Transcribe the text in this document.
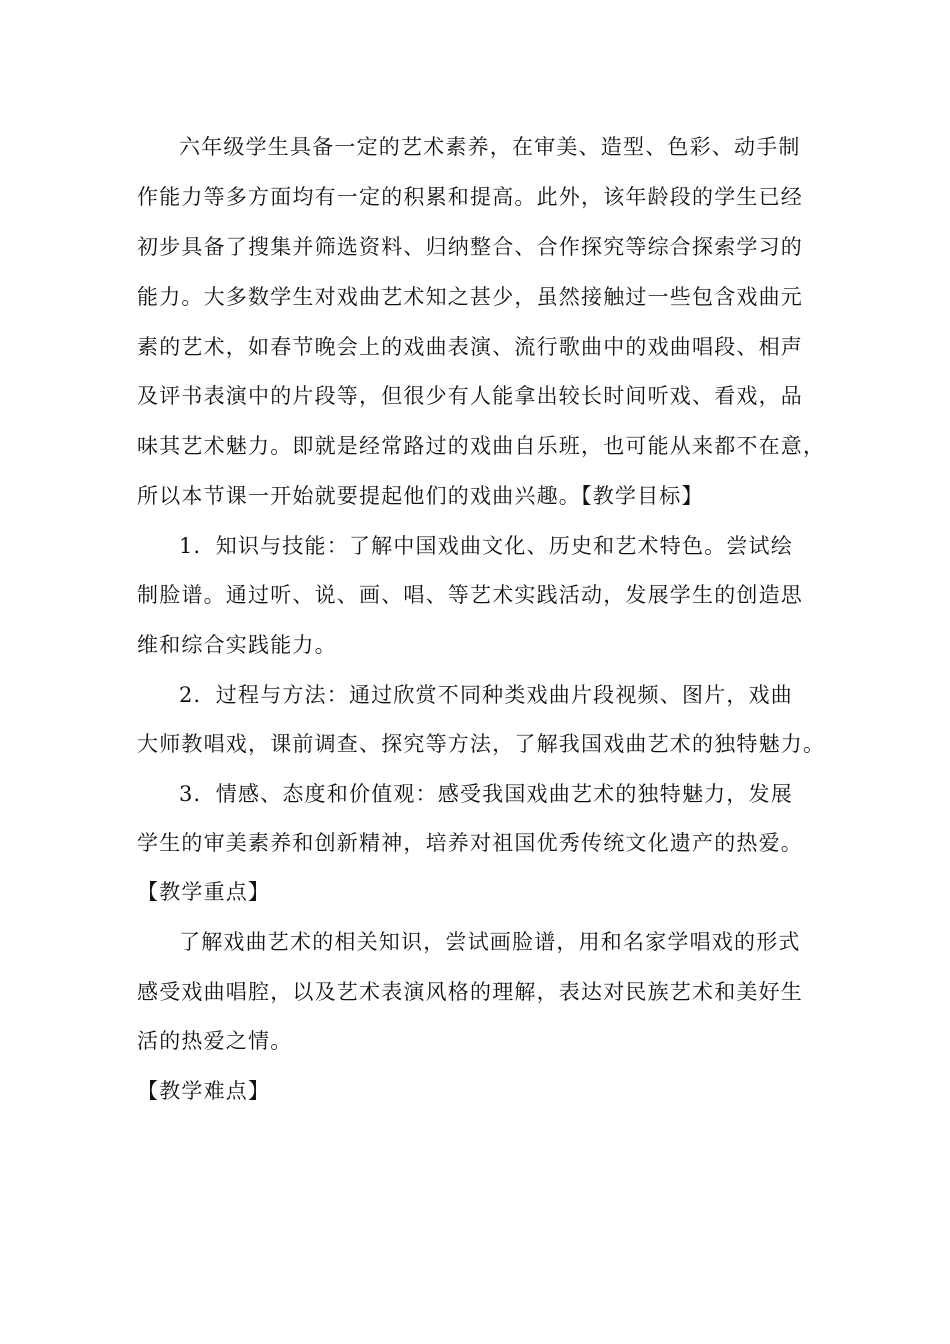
六年级学生具备一定的艺术素养，在审美、造型、色彩、动手制
作能力等多方面均有一定的积累和提高。此外，该年龄段的学生已经
初步具备了搜集并筛选资料、归纳整合、合作探究等综合探索学习的
能力。大多数学生对戏曲艺术知之甚少，虽然接触过一些包含戏曲元
素的艺术，如春节晚会上的戏曲表演、流行歌曲中的戏曲唱段、相声
及评书表演中的片段等，但很少有人能拿出较长时间听戏、看戏，品
味其艺术魅力。即就是经常路过的戏曲自乐班，也可能从来都不在意，
所以本节课一开始就要提起他们的戏曲兴趣。【教学目标】
1．知识与技能：了解中国戏曲文化、历史和艺术特色。尝试绘
制脸谱。通过听、说、画、唱、等艺术实践活动，发展学生的创造思
维和综合实践能力。
2．过程与方法：通过欣赏不同种类戏曲片段视频、图片，戏曲
大师教唱戏，课前调查、探究等方法，了解我国戏曲艺术的独特魅力。
3．情感、态度和价值观：感受我国戏曲艺术的独特魅力，发展
学生的审美素养和创新精神，培养对祖国优秀传统文化遗产的热爱。
【教学重点】
了解戏曲艺术的相关知识，尝试画脸谱，用和名家学唱戏的形式
感受戏曲唱腔，以及艺术表演风格的理解，表达对民族艺术和美好生
活的热爱之情。
【教学难点】
